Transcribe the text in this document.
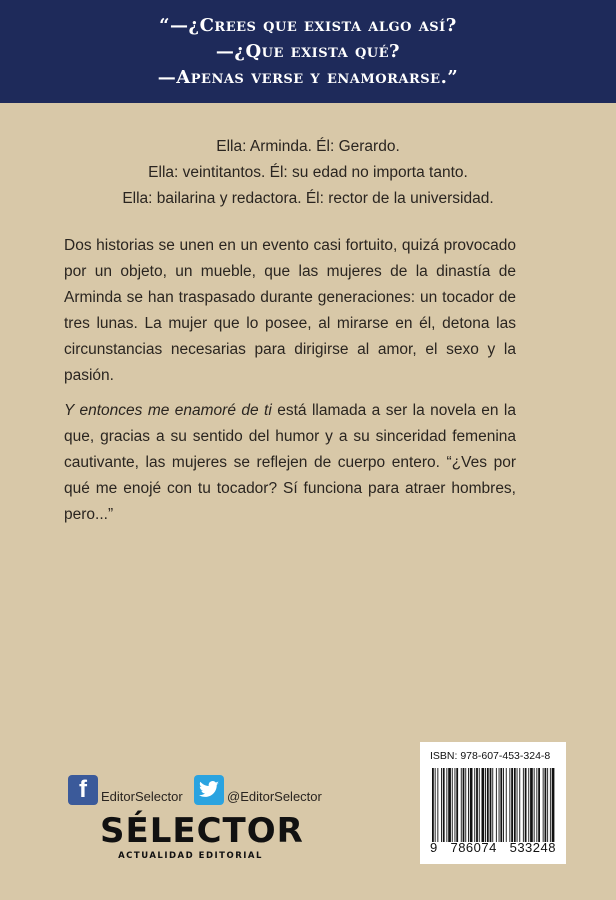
“—¿Crees que exista algo así?
—¿Que exista qué?
—Apenas verse y enamorarse.”
Ella: Arminda. Él: Gerardo.
Ella: veintitantos. Él: su edad no importa tanto.
Ella: bailarina y redactora. Él: rector de la universidad.

Dos historias se unen en un evento casi fortuito, quizá provocado por un objeto, un mueble, que las mujeres de la dinastía de Arminda se han traspasado durante generaciones: un tocador de tres lunas. La mujer que lo posee, al mirarse en él, detona las circunstancias necesarias para dirigirse al amor, el sexo y la pasión.

Y entonces me enamoré de ti está llamada a ser la novela en la que, gracias a su sentido del humor y a su sinceridad femenina cautivante, las mujeres se reflejen de cuerpo entero. “¿Ves por qué me enojé con tu tocador? Sí funciona para atraer hombres, pero...”

f	EditorSelector	@EditorSelector
SÉLECTOR
ACTUALIDAD EDITORIAL
ISBN: 978-607-453-324-8
9 786074 533248
